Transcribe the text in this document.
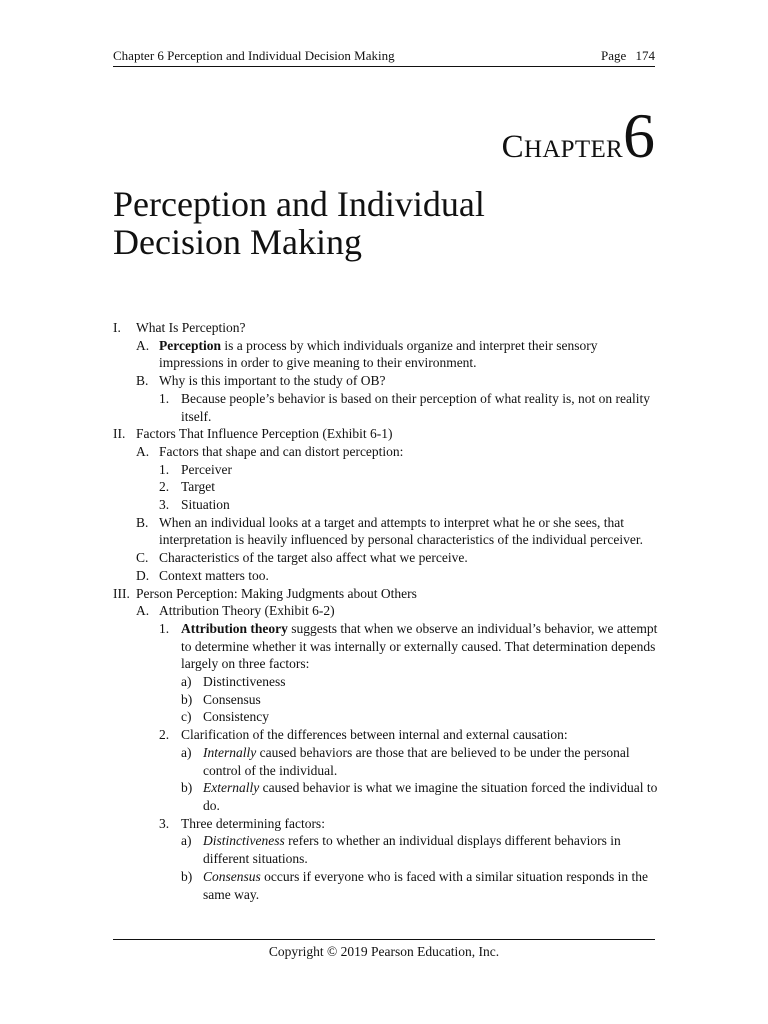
Chapter 6 Perception and Individual Decision Making	Page 174
CHAPTER6
Perception and Individual
Decision Making
I. What Is Perception?
A. Perception is a process by which individuals organize and interpret their sensory impressions in order to give meaning to their environment.
B. Why is this important to the study of OB?
1. Because people’s behavior is based on their perception of what reality is, not on reality itself.
II. Factors That Influence Perception (Exhibit 6-1)
A. Factors that shape and can distort perception:
1. Perceiver
2. Target
3. Situation
B. When an individual looks at a target and attempts to interpret what he or she sees, that interpretation is heavily influenced by personal characteristics of the individual perceiver.
C. Characteristics of the target also affect what we perceive.
D. Context matters too.
III. Person Perception: Making Judgments about Others
A. Attribution Theory (Exhibit 6-2)
1. Attribution theory suggests that when we observe an individual’s behavior, we attempt to determine whether it was internally or externally caused. That determination depends largely on three factors:
a) Distinctiveness
b) Consensus
c) Consistency
2. Clarification of the differences between internal and external causation:
a) Internally caused behaviors are those that are believed to be under the personal control of the individual.
b) Externally caused behavior is what we imagine the situation forced the individual to do.
3. Three determining factors:
a) Distinctiveness refers to whether an individual displays different behaviors in different situations.
b) Consensus occurs if everyone who is faced with a similar situation responds in the same way.
Copyright © 2019 Pearson Education, Inc.
